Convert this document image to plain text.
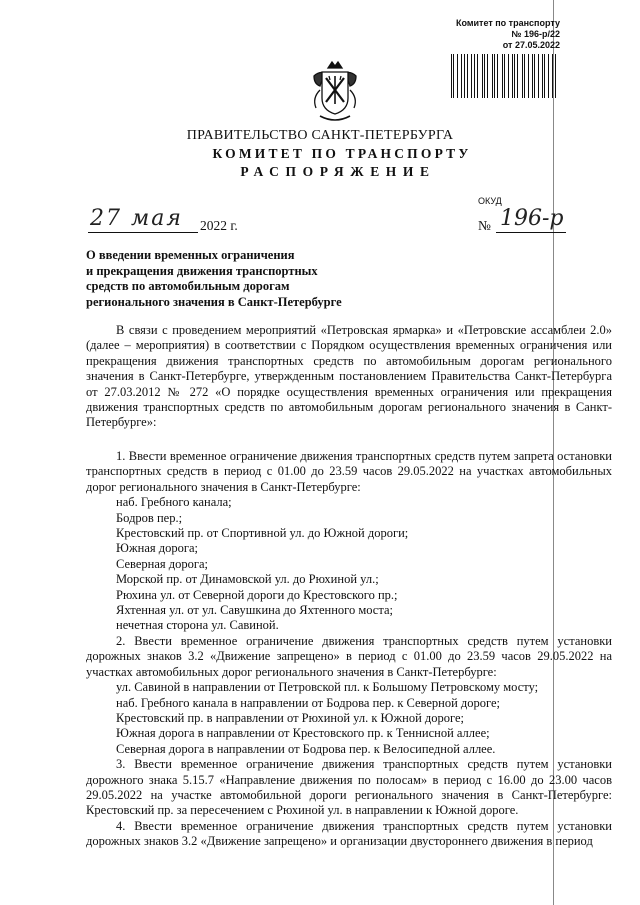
Комитет по транспорту
№ 196-р/22
от 27.05.2022
ПРАВИТЕЛЬСТВО САНКТ-ПЕТЕРБУРГА
КОМИТЕТ ПО ТРАНСПОРТУ
РАСПОРЯЖЕНИЕ
ОКУД
27 мая 2022 г.	№ 196-р
О введении временных ограничения
и прекращения движения транспортных
средств по автомобильным дорогам
регионального значения в Санкт-Петербурге

В связи с проведением мероприятий «Петровская ярмарка» и «Петровские ассамблеи 2.0» (далее – мероприятия) в соответствии с Порядком осуществления временных ограничения или прекращения движения транспортных средств по автомобильным дорогам регионального значения в Санкт-Петербурге, утвержденным постановлением Правительства Санкт-Петербурга от 27.03.2012 № 272 «О порядке осуществления временных ограничения или прекращения движения транспортных средств по автомобильным дорогам регионального значения в Санкт-Петербурге»:

1. Ввести временное ограничение движения транспортных средств путем запрета остановки транспортных средств в период с 01.00 до 23.59 часов 29.05.2022 на участках автомобильных дорог регионального значения в Санкт-Петербурге:

наб. Гребного канала;
Бодров пер.;
Крестовский пр. от Спортивной ул. до Южной дороги;
Южная дорога;
Северная дорога;
Морской пр. от Динамовской ул. до Рюхиной ул.;
Рюхина ул. от Северной дороги до Крестовского пр.;
Яхтенная ул. от ул. Савушкина до Яхтенного моста;
нечетная сторона ул. Савиной.

2. Ввести временное ограничение движения транспортных средств путем установки дорожных знаков 3.2 «Движение запрещено» в период с 01.00 до 23.59 часов 29.05.2022 на участках автомобильных дорог регионального значения в Санкт-Петербурге:

ул. Савиной в направлении от Петровской пл. к Большому Петровскому мосту;
наб. Гребного канала в направлении от Бодрова пер. к Северной дороге;
Крестовский пр. в направлении от Рюхиной ул. к Южной дороге;
Южная дорога в направлении от Крестовского пр. к Теннисной аллее;
Северная дорога в направлении от Бодрова пер. к Велосипедной аллее.

3. Ввести временное ограничение движения транспортных средств путем установки дорожного знака 5.15.7 «Направление движения по полосам» в период с 16.00 до 23.00 часов 29.05.2022 на участке автомобильной дороги регионального значения в Санкт-Петербурге: Крестовский пр. за пересечением с Рюхиной ул. в направлении к Южной дороге.

4. Ввести временное ограничение движения транспортных средств путем установки дорожных знаков 3.2 «Движение запрещено» и организации двустороннего движения в период
